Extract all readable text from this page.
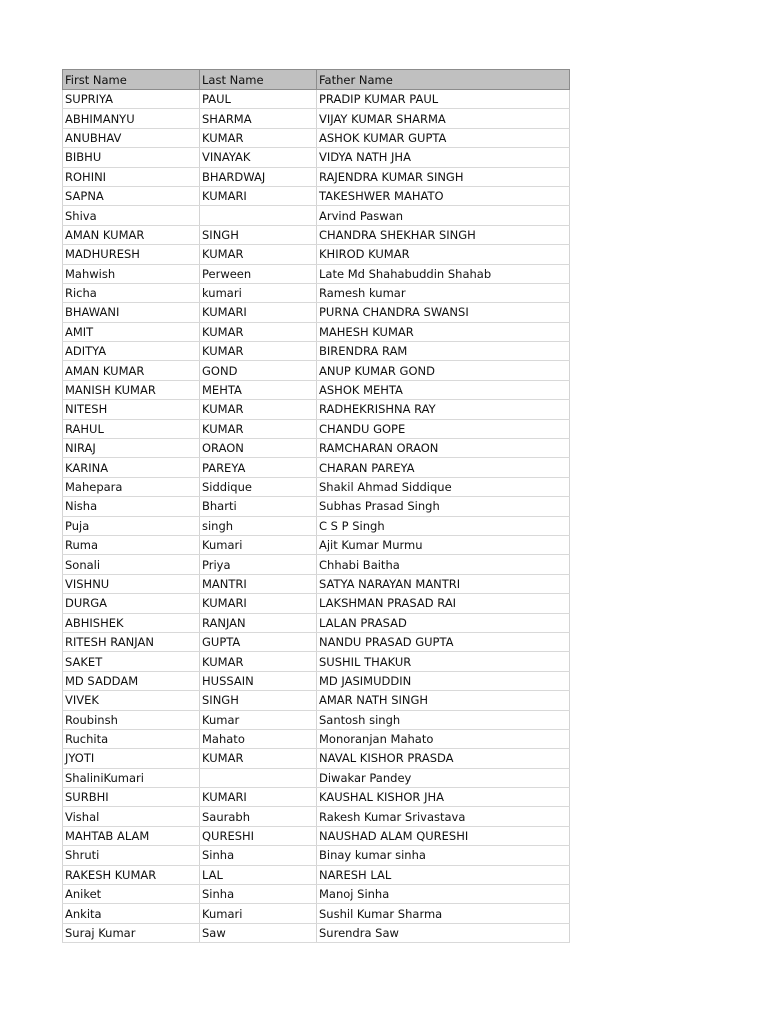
First Name	Last Name	Father Name
SUPRIYA	PAUL	PRADIP KUMAR PAUL
ABHIMANYU	SHARMA	VIJAY KUMAR SHARMA
ANUBHAV	KUMAR	ASHOK KUMAR GUPTA
BIBHU	VINAYAK	VIDYA NATH JHA
ROHINI	BHARDWAJ	RAJENDRA KUMAR SINGH
SAPNA	KUMARI	TAKESHWER MAHATO
Shiva		Arvind Paswan
AMAN KUMAR	SINGH	CHANDRA SHEKHAR SINGH
MADHURESH	KUMAR	KHIROD KUMAR
Mahwish	Perween	Late Md Shahabuddin Shahab
Richa	kumari	Ramesh kumar
BHAWANI	KUMARI	PURNA CHANDRA SWANSI
AMIT	KUMAR	MAHESH KUMAR
ADITYA	KUMAR	BIRENDRA RAM
AMAN KUMAR	GOND	ANUP KUMAR GOND
MANISH KUMAR	MEHTA	ASHOK MEHTA
NITESH	KUMAR	RADHEKRISHNA RAY
RAHUL	KUMAR	CHANDU GOPE
NIRAJ	ORAON	RAMCHARAN ORAON
KARINA	PAREYA	CHARAN PAREYA
Mahepara	Siddique	Shakil Ahmad Siddique
Nisha	Bharti	Subhas Prasad Singh
Puja	singh	C S P Singh
Ruma	Kumari	Ajit Kumar Murmu
Sonali	Priya	Chhabi Baitha
VISHNU	MANTRI	SATYA NARAYAN MANTRI
DURGA	KUMARI	LAKSHMAN PRASAD RAI
ABHISHEK	RANJAN	LALAN PRASAD
RITESH RANJAN	GUPTA	NANDU PRASAD GUPTA
SAKET	KUMAR	SUSHIL THAKUR
MD SADDAM	HUSSAIN	MD JASIMUDDIN
VIVEK	SINGH	AMAR NATH SINGH
Roubinsh	Kumar	Santosh singh
Ruchita	Mahato	Monoranjan Mahato
JYOTI	KUMAR	NAVAL KISHOR PRASDA
ShaliniKumari		Diwakar Pandey
SURBHI	KUMARI	KAUSHAL KISHOR JHA
Vishal	Saurabh	Rakesh Kumar Srivastava
MAHTAB ALAM	QURESHI	NAUSHAD ALAM QURESHI
Shruti	Sinha	Binay kumar sinha
RAKESH KUMAR	LAL	NARESH LAL
Aniket	Sinha	Manoj Sinha
Ankita	Kumari	Sushil Kumar Sharma
Suraj Kumar	Saw	Surendra Saw
